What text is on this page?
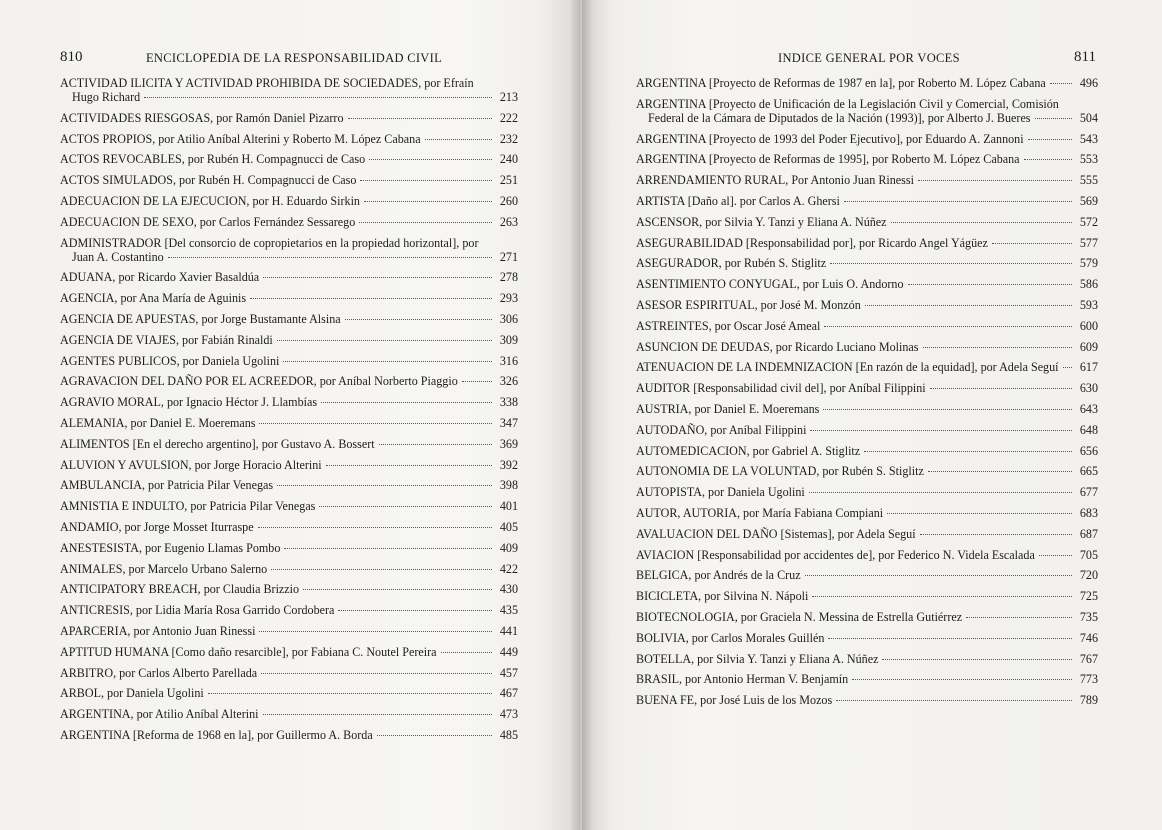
810	ENCICLOPEDIA DE LA RESPONSABILIDAD CIVIL
ACTIVIDAD ILICITA Y ACTIVIDAD PROHIBIDA DE SOCIEDADES, por Efraín
Hugo Richard	213
ACTIVIDADES RIESGOSAS, por Ramón Daniel Pizarro	222
ACTOS PROPIOS, por Atilio Aníbal Alterini y Roberto M. López Cabana	232
ACTOS REVOCABLES, por Rubén H. Compagnucci de Caso	240
ACTOS SIMULADOS, por Rubén H. Compagnucci de Caso	251
ADECUACION DE LA EJECUCION, por H. Eduardo Sirkin	260
ADECUACION DE SEXO, por Carlos Fernández Sessarego	263
ADMINISTRADOR [Del consorcio de copropietarios en la propiedad horizontal], por
Juan A. Costantino	271
ADUANA, por Ricardo Xavier Basaldúa	278
AGENCIA, por Ana María de Aguinis	293
AGENCIA DE APUESTAS, por Jorge Bustamante Alsina	306
AGENCIA DE VIAJES, por Fabián Rinaldi	309
AGENTES PUBLICOS, por Daniela Ugolini	316
AGRAVACION DEL DAÑO POR EL ACREEDOR, por Aníbal Norberto Piaggio	326
AGRAVIO MORAL, por Ignacio Héctor J. Llambías	338
ALEMANIA, por Daniel E. Moeremans	347
ALIMENTOS [En el derecho argentino], por Gustavo A. Bossert	369
ALUVION Y AVULSION, por Jorge Horacio Alterini	392
AMBULANCIA, por Patricia Pilar Venegas	398
AMNISTIA E INDULTO, por Patricia Pilar Venegas	401
ANDAMIO, por Jorge Mosset Iturraspe	405
ANESTESISTA, por Eugenio Llamas Pombo	409
ANIMALES, por Marcelo Urbano Salerno	422
ANTICIPATORY BREACH, por Claudia Brizzio	430
ANTICRESIS, por Lidia María Rosa Garrido Cordobera	435
APARCERIA, por Antonio Juan Rinessi	441
APTITUD HUMANA [Como daño resarcible], por Fabiana C. Noutel Pereira	449
ARBITRO, por Carlos Alberto Parellada	457
ARBOL, por Daniela Ugolini	467
ARGENTINA, por Atilio Aníbal Alterini	473
ARGENTINA [Reforma de 1968 en la], por Guillermo A. Borda	485
INDICE GENERAL POR VOCES	811
ARGENTINA [Proyecto de Reformas de 1987 en la], por Roberto M. López Cabana	496
ARGENTINA [Proyecto de Unificación de la Legislación Civil y Comercial, Comisión
Federal de la Cámara de Diputados de la Nación (1993)], por Alberto J. Bueres	504
ARGENTINA [Proyecto de 1993 del Poder Ejecutivo], por Eduardo A. Zannoni	543
ARGENTINA [Proyecto de Reformas de 1995], por Roberto M. López Cabana	553
ARRENDAMIENTO RURAL, Por Antonio Juan Rinessi	555
ARTISTA [Daño al]. por Carlos A. Ghersi	569
ASCENSOR, por Silvia Y. Tanzi y Eliana A. Núñez	572
ASEGURABILIDAD [Responsabilidad por], por Ricardo Angel Yágüez	577
ASEGURADOR, por Rubén S. Stiglitz	579
ASENTIMIENTO CONYUGAL, por Luis O. Andorno	586
ASESOR ESPIRITUAL, por José M. Monzón	593
ASTREINTES, por Oscar José Ameal	600
ASUNCION DE DEUDAS, por Ricardo Luciano Molinas	609
ATENUACION DE LA INDEMNIZACION [En razón de la equidad], por Adela Seguí	617
AUDITOR [Responsabilidad civil del], por Aníbal Filippini	630
AUSTRIA, por Daniel E. Moeremans	643
AUTODAÑO, por Aníbal Filippini	648
AUTOMEDICACION, por Gabriel A. Stiglitz	656
AUTONOMIA DE LA VOLUNTAD, por Rubén S. Stiglitz	665
AUTOPISTA, por Daniela Ugolini	677
AUTOR, AUTORIA, por María Fabiana Compiani	683
AVALUACION DEL DAÑO [Sistemas], por Adela Seguí	687
AVIACION [Responsabilidad por accidentes de], por Federico N. Videla Escalada	705
BELGICA, por Andrés de la Cruz	720
BICICLETA, por Silvina N. Nápoli	725
BIOTECNOLOGIA, por Graciela N. Messina de Estrella Gutiérrez	735
BOLIVIA, por Carlos Morales Guillén	746
BOTELLA, por Silvia Y. Tanzi y Eliana A. Núñez	767
BRASIL, por Antonio Herman V. Benjamín	773
BUENA FE, por José Luis de los Mozos	789
